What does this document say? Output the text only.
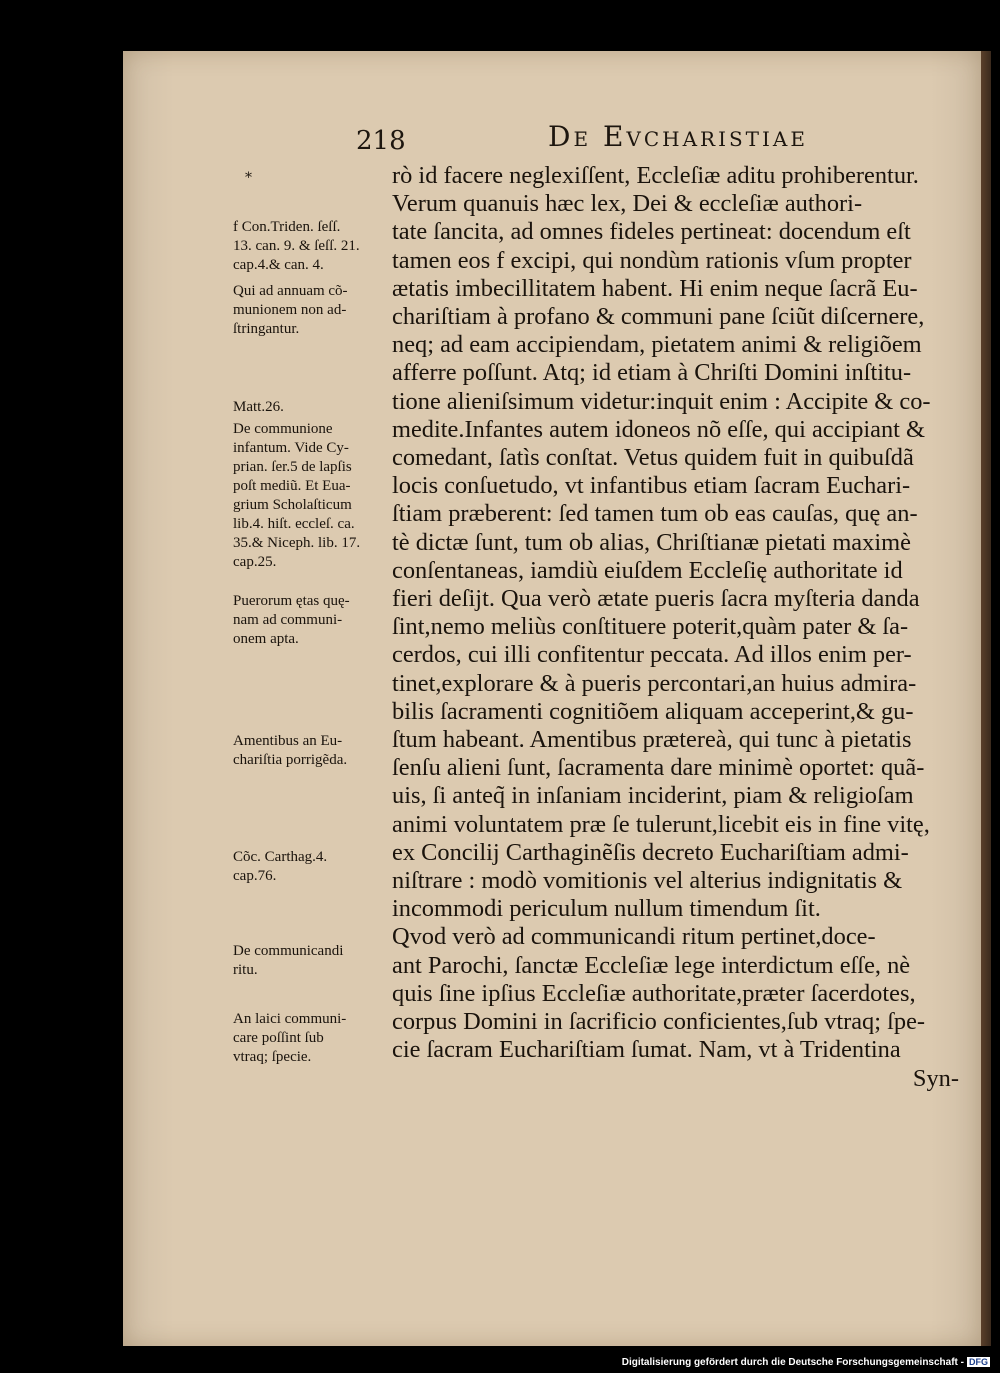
218	De Evcharistiae
*	rò id facere neglexiſſent, Eccleſiæ aditu prohiberentur.
Verum quanuis hæc lex, Dei & eccleſiæ authori-
tate ſancita, ad omnes fideles pertineat: docendum eſt
tamen eos f excipi, qui nondùm rationis vſum propter
ætatis imbecillitatem habent. Hi enim neque ſacrã Eu-
chariſtiam à profano & communi pane ſciũt diſcernere,
neq; ad eam accipiendam, pietatem animi & religiõem
afferre poſſunt. Atq; id etiam à Chriſti Domini inſtitu-
tione alieniſsimum videtur:inquit enim : Accipite & co-
medite.Infantes autem idoneos nõ eſſe, qui accipiant &
comedant, ſatìs conſtat. Vetus quidem fuit in quibuſdã
locis conſuetudo, vt infantibus etiam ſacram Euchari-
ſtiam præberent: ſed tamen tum ob eas cauſas, quę an-
tè dictæ ſunt, tum ob alias, Chriſtianæ pietati maximè
conſentaneas, iamdiù eiuſdem Eccleſię authoritate id
fieri deſijt. Qua verò ætate pueris ſacra myſteria danda
ſint,nemo meliùs conſtituere poterit,quàm pater & ſa-
cerdos, cui illi confitentur peccata. Ad illos enim per-
tinet,explorare & à pueris percontari,an huius admira-
bilis ſacramenti cognitiõem aliquam acceperint,& gu-
ſtum habeant. Amentibus prætereà, qui tunc à pietatis
ſenſu alieni ſunt, ſacramenta dare minimè oportet: quã-
uis, ſi anteq̃ in inſaniam inciderint, piam & religioſam
animi voluntatem præ ſe tulerunt,licebit eis in fine vitę,
ex Concilij Carthaginẽſis decreto Euchariſtiam admi-
niſtrare : modò vomitionis vel alterius indignitatis &
incommodi periculum nullum timendum ſit.
Qvod verò ad communicandi ritum pertinet,doce-
ant Parochi, ſanctæ Eccleſiæ lege interdictum eſſe, nè
quis ſine ipſius Eccleſiæ authoritate,præter ſacerdotes,
corpus Domini in ſacrificio conficientes,ſub vtraq; ſpe-
cie ſacram Euchariſtiam ſumat. Nam, vt à Tridentina
Syn-
f Con.Triden. ſeſſ.
13. can. 9. & ſeſſ. 21.
cap.4.& can. 4.
Qui ad annuam cõ-
munionem non ad-
ſtringantur.
Matt.26.
De communione
infantum. Vide Cy-
prian. ſer.5 de lapſis
poſt mediũ. Et Eua-
grium Scholaſticum
lib.4. hiſt. eccleſ. ca.
35.& Niceph. lib. 17.
cap.25.
Puerorum ętas quę-
nam ad communi-
onem apta.
Amentibus an Eu-
chariſtia porrigẽda.
Cõc. Carthag.4.
cap.76.
De communicandi
ritu.
An laici communi-
care poſſint ſub
vtraq; ſpecie.
Digitalisierung gefördert durch die Deutsche Forschungsgemeinschaft - DFG
